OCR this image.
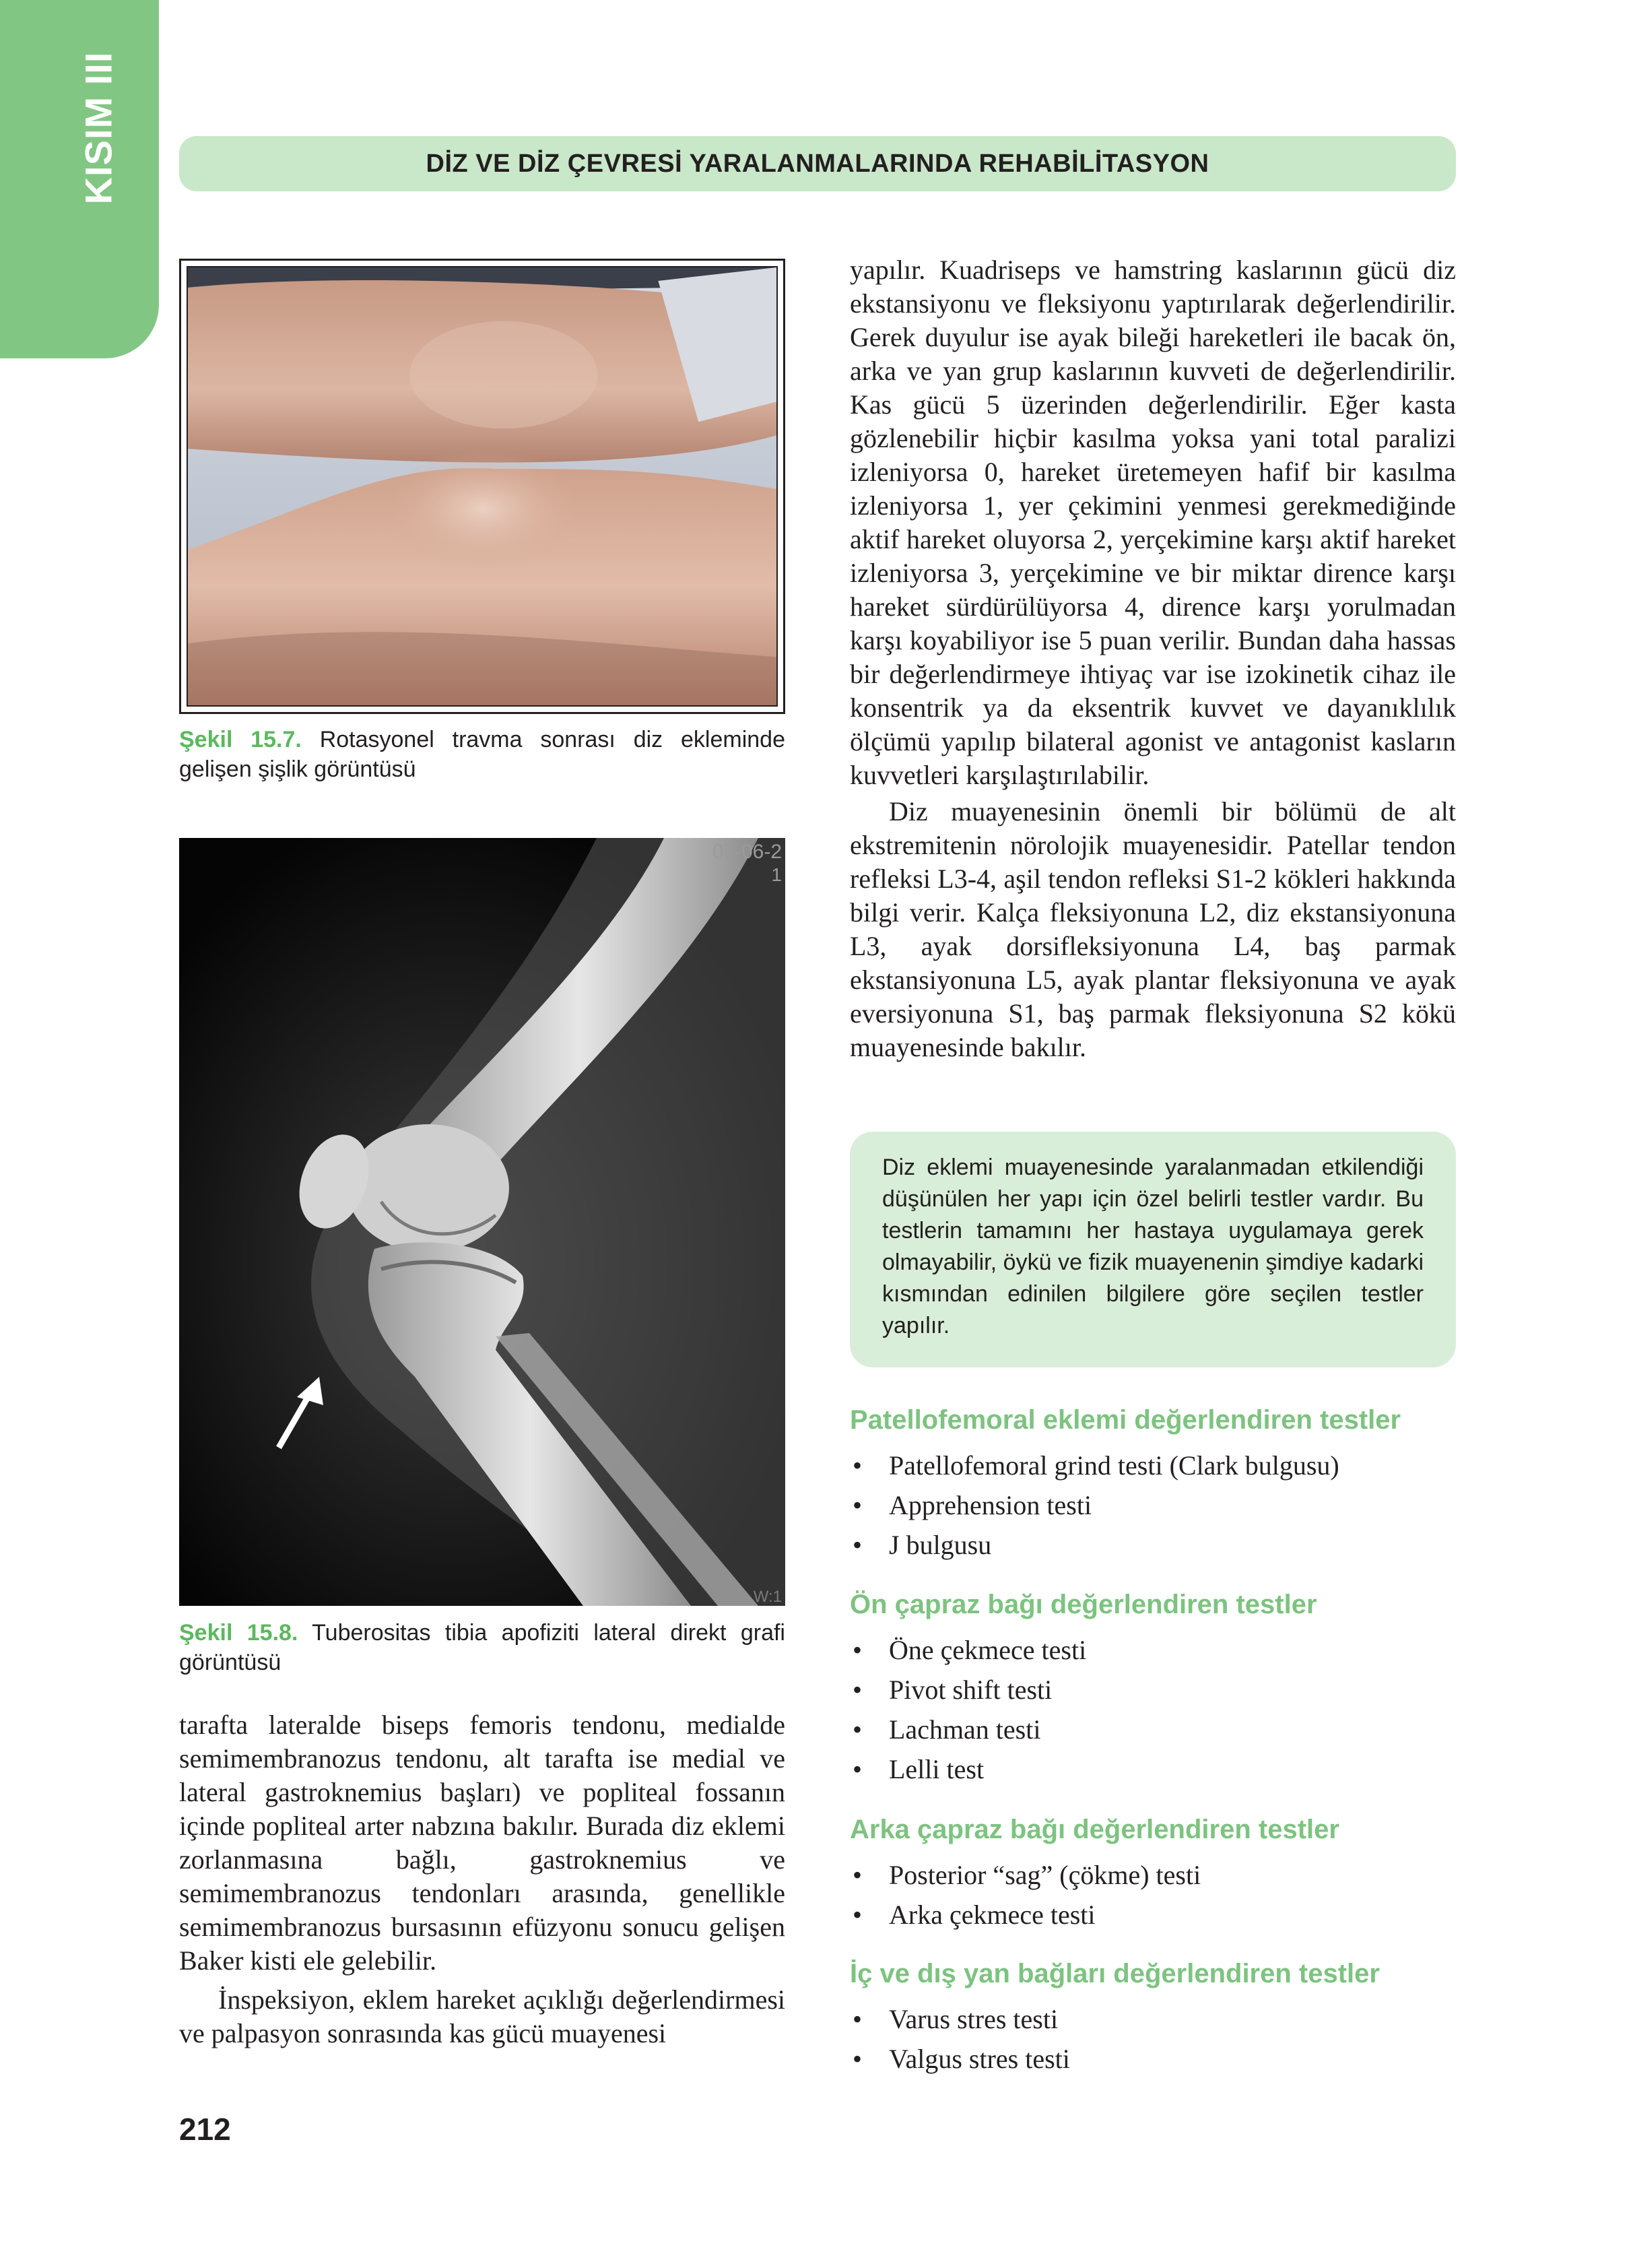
KISIM III	DİZ VE DİZ ÇEVRESİ YARALANMALARINDA REHABİLİTASYON

Şekil 15.7. Rotasyonel travma sonrası diz ekleminde gelişen şişlik görüntüsü

07-06-2
1
W:1

Şekil 15.8. Tuberositas tibia apofiziti lateral direkt grafi görüntüsü

tarafta lateralde biseps femoris tendonu, medialde semimembranozus tendonu, alt tarafta ise medial ve lateral gastroknemius başları) ve popliteal fossanın içinde popliteal arter nabzına bakılır. Burada diz eklemi zorlanmasına bağlı, gastroknemius ve semimembranozus tendonları arasında, genellikle semimembranozus bursasının efüzyonu sonucu gelişen Baker kisti ele gelebilir.

İnspeksiyon, eklem hareket açıklığı değerlendirmesi ve palpasyon sonrasında kas gücü muayenesi

yapılır. Kuadriseps ve hamstring kaslarının gücü diz ekstansiyonu ve fleksiyonu yaptırılarak değerlendirilir. Gerek duyulur ise ayak bileği hareketleri ile bacak ön, arka ve yan grup kaslarının kuvveti de değerlendirilir. Kas gücü 5 üzerinden değerlendirilir. Eğer kasta gözlenebilir hiçbir kasılma yoksa yani total paralizi izleniyorsa 0, hareket üretemeyen hafif bir kasılma izleniyorsa 1, yer çekimini yenmesi gerekmediğinde aktif hareket oluyorsa 2, yerçekimine karşı aktif hareket izleniyorsa 3, yerçekimine ve bir miktar dirence karşı hareket sürdürülüyorsa 4, dirence karşı yorulmadan karşı koyabiliyor ise 5 puan verilir. Bundan daha hassas bir değerlendirmeye ihtiyaç var ise izokinetik cihaz ile konsentrik ya da eksentrik kuvvet ve dayanıklılık ölçümü yapılıp bilateral agonist ve antagonist kasların kuvvetleri karşılaştırılabilir.

Diz muayenesinin önemli bir bölümü de alt ekstremitenin nörolojik muayenesidir. Patellar tendon refleksi L3-4, aşil tendon refleksi S1-2 kökleri hakkında bilgi verir. Kalça fleksiyonuna L2, diz ekstansiyonuna L3, ayak dorsifleksiyonuna L4, baş parmak ekstansiyonuna L5, ayak plantar fleksiyonuna ve ayak eversiyonuna S1, baş parmak fleksiyonuna S2 kökü muayenesinde bakılır.

Diz eklemi muayenesinde yaralanmadan etkilendiği düşünülen her yapı için özel belirli testler vardır. Bu testlerin tamamını her hastaya uygulamaya gerek olmayabilir, öykü ve fizik muayenenin şimdiye kadarki kısmından edinilen bilgilere göre seçilen testler yapılır.

Patellofemoral eklemi değerlendiren testler
• Patellofemoral grind testi (Clark bulgusu)
• Apprehension testi
• J bulgusu
Ön çapraz bağı değerlendiren testler
• Öne çekmece testi
• Pivot shift testi
• Lachman testi
• Lelli test
Arka çapraz bağı değerlendiren testler
• Posterior “sag” (çökme) testi
• Arka çekmece testi
İç ve dış yan bağları değerlendiren testler
• Varus stres testi
• Valgus stres testi
212
